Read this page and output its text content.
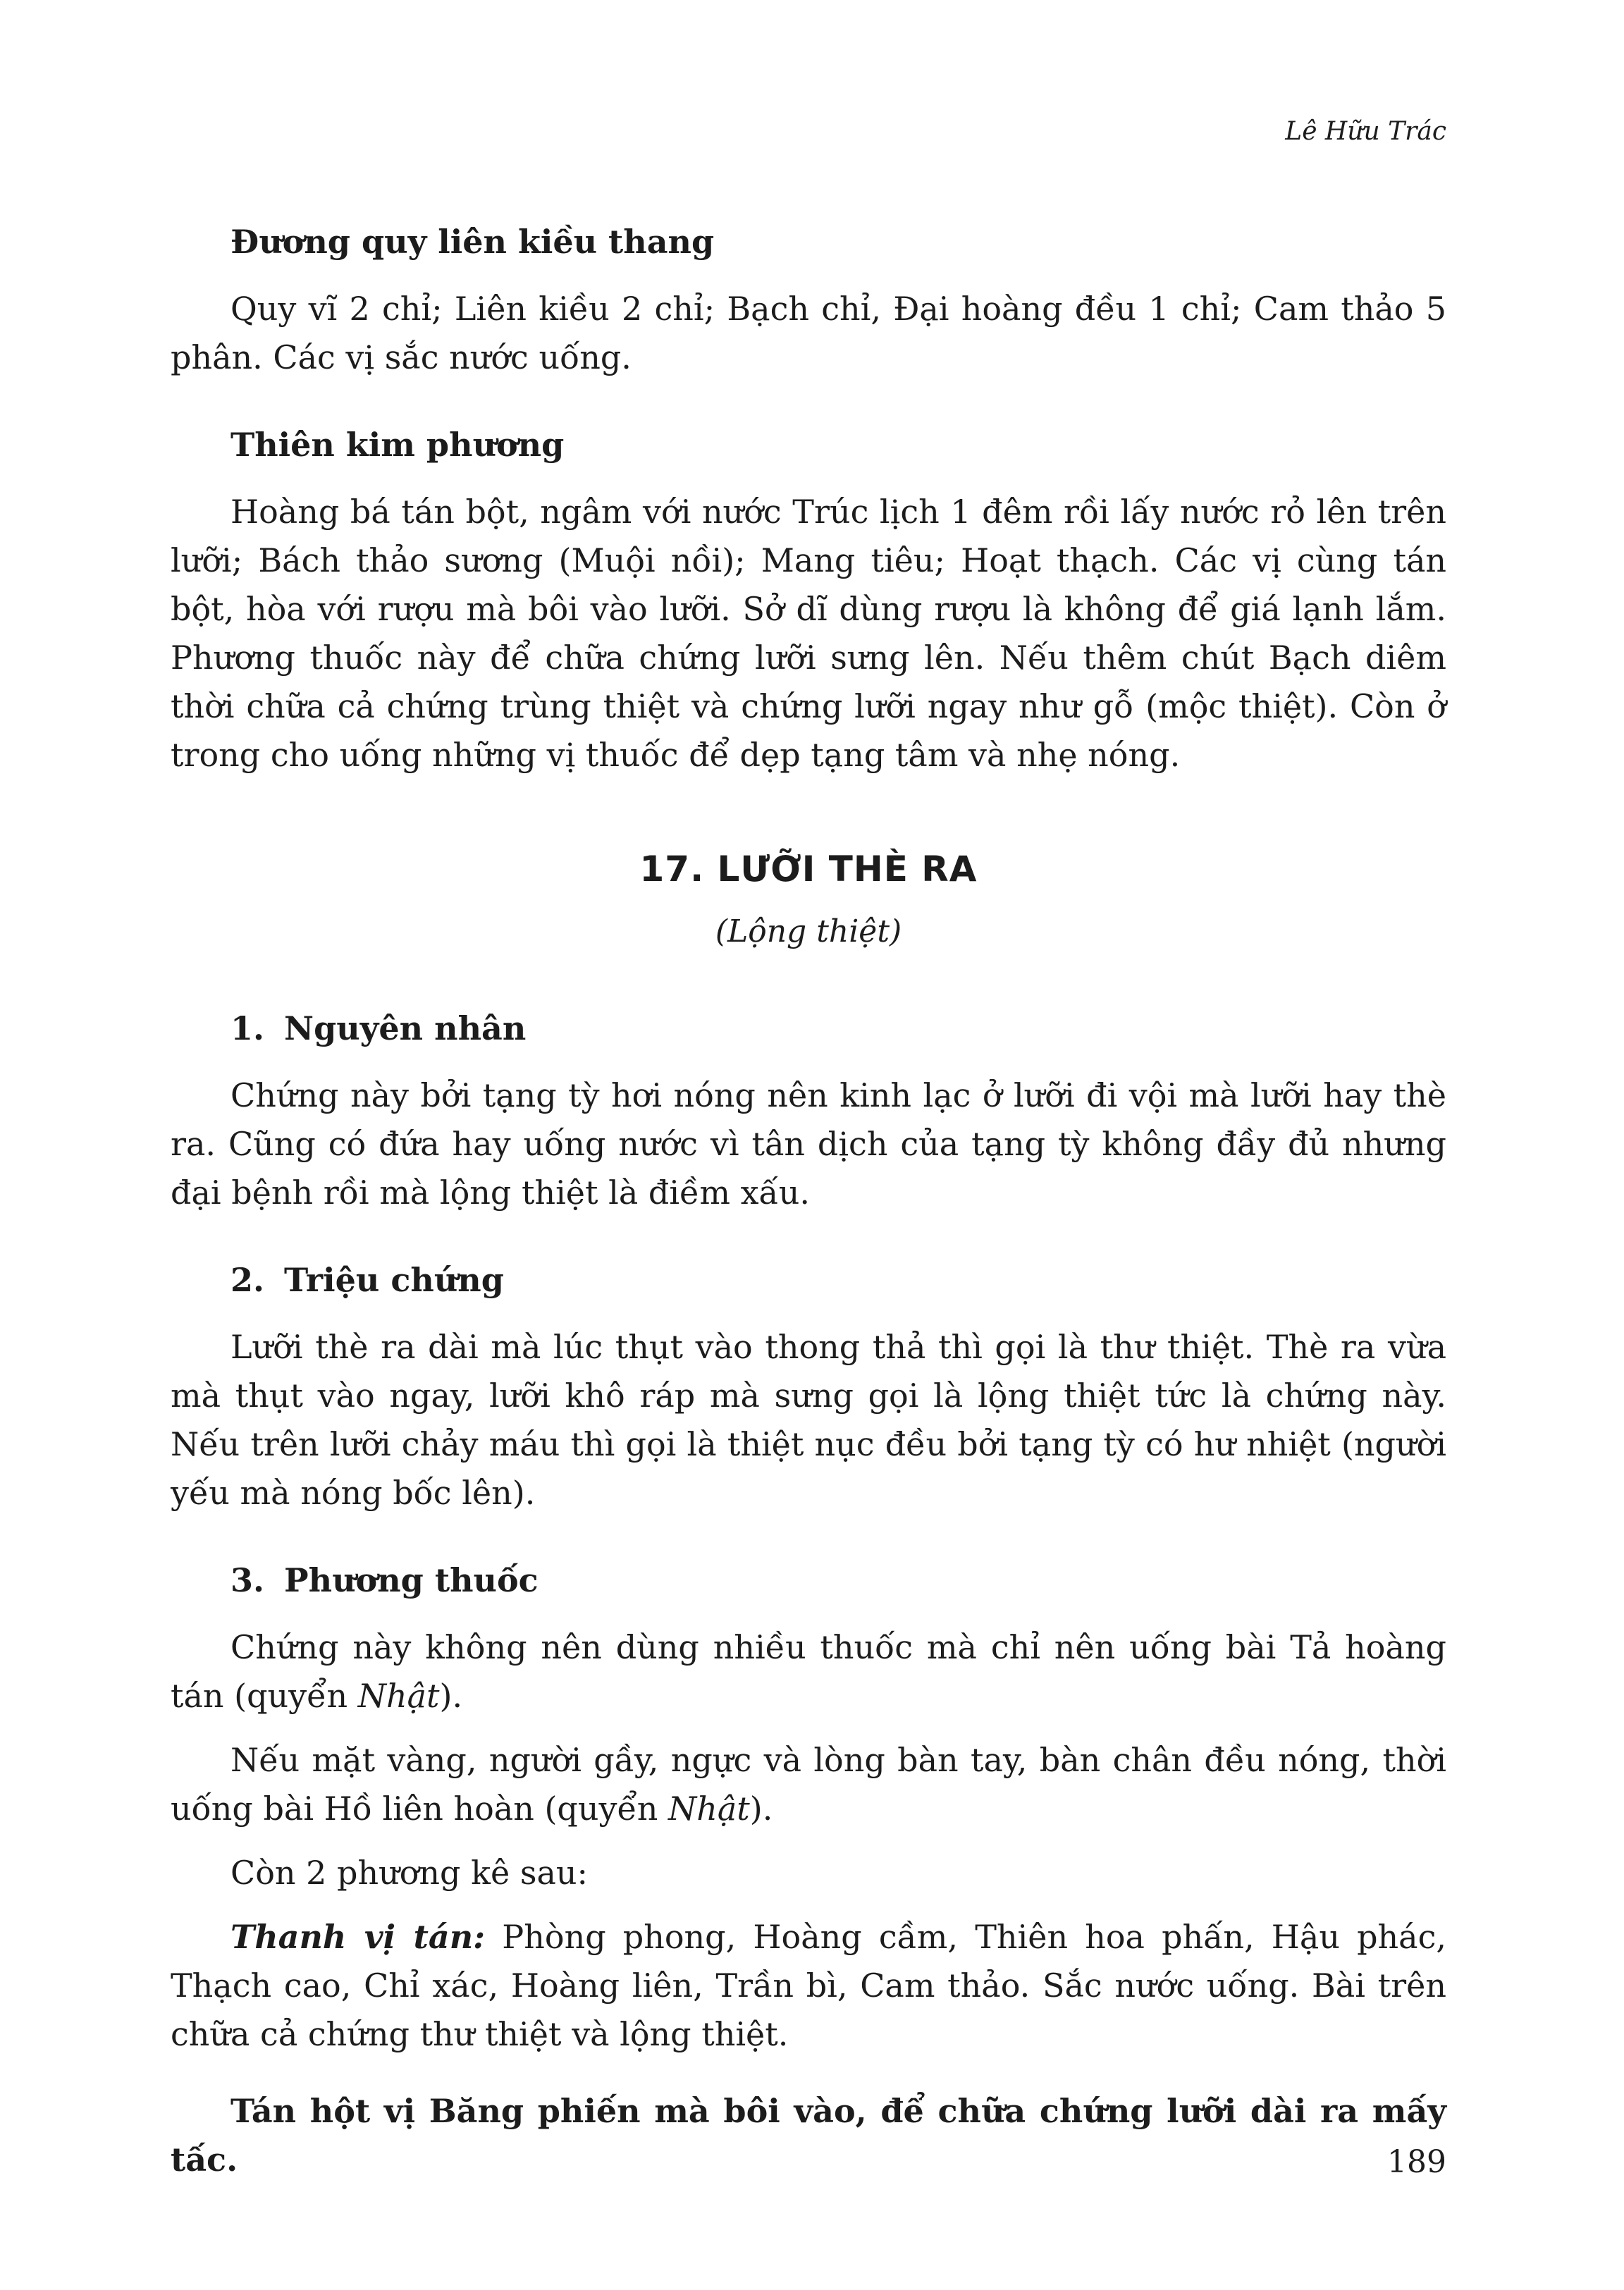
Lê Hữu Trác
Đương quy liên kiều thang

Quy vĩ 2 chỉ; Liên kiều 2 chỉ; Bạch chỉ, Đại hoàng đều 1 chỉ; Cam thảo 5 phân. Các vị sắc nước uống.

Thiên kim phương

Hoàng bá tán bột, ngâm với nước Trúc lịch 1 đêm rồi lấy nước rỏ lên trên lưỡi; Bách thảo sương (Muội nồi); Mang tiêu; Hoạt thạch. Các vị cùng tán bột, hòa với rượu mà bôi vào lưỡi. Sở dĩ dùng rượu là không để giá lạnh lắm. Phương thuốc này để chữa chứng lưỡi sưng lên. Nếu thêm chút Bạch diêm thời chữa cả chứng trùng thiệt và chứng lưỡi ngay như gỗ (mộc thiệt). Còn ở trong cho uống những vị thuốc để dẹp tạng tâm và nhẹ nóng.

17. LƯỠI THÈ RA
(Lộng thiệt)
1. Nguyên nhân

Chứng này bởi tạng tỳ hơi nóng nên kinh lạc ở lưỡi đi vội mà lưỡi hay thè ra. Cũng có đứa hay uống nước vì tân dịch của tạng tỳ không đầy đủ nhưng đại bệnh rồi mà lộng thiệt là điềm xấu.

2. Triệu chứng

Lưỡi thè ra dài mà lúc thụt vào thong thả thì gọi là thư thiệt. Thè ra vừa mà thụt vào ngay, lưỡi khô ráp mà sưng gọi là lộng thiệt tức là chứng này. Nếu trên lưỡi chảy máu thì gọi là thiệt nục đều bởi tạng tỳ có hư nhiệt (người yếu mà nóng bốc lên).

3. Phương thuốc

Chứng này không nên dùng nhiều thuốc mà chỉ nên uống bài Tả hoàng tán (quyển Nhật).

Nếu mặt vàng, người gầy, ngực và lòng bàn tay, bàn chân đều nóng, thời uống bài Hồ liên hoàn (quyển Nhật).

Còn 2 phương kê sau:

Thanh vị tán: Phòng phong, Hoàng cầm, Thiên hoa phấn, Hậu phác, Thạch cao, Chỉ xác, Hoàng liên, Trần bì, Cam thảo. Sắc nước uống. Bài trên chữa cả chứng thư thiệt và lộng thiệt.

Tán hột vị Băng phiến mà bôi vào, để chữa chứng lưỡi dài ra mấy tấc.	189
